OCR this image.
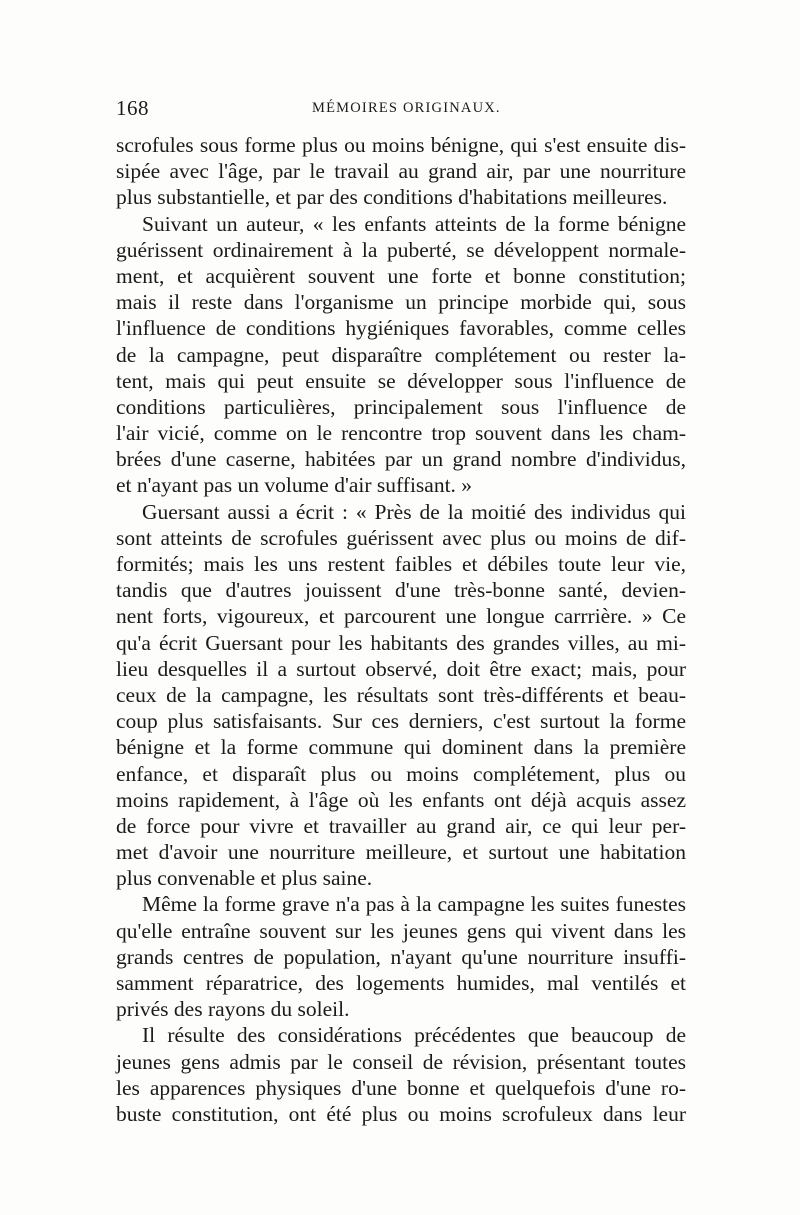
168	MÉMOIRES ORIGINAUX.
scrofules sous forme plus ou moins bénigne, qui s'est ensuite dis-
sipée avec l'âge, par le travail au grand air, par une nourriture
plus substantielle, et par des conditions d'habitations meilleures.
Suivant un auteur, « les enfants atteints de la forme bénigne
guérissent ordinairement à la puberté, se développent normale-
ment, et acquièrent souvent une forte et bonne constitution;
mais il reste dans l'organisme un principe morbide qui, sous
l'influence de conditions hygiéniques favorables, comme celles
de la campagne, peut disparaître complétement ou rester la-
tent, mais qui peut ensuite se développer sous l'influence de
conditions particulières, principalement sous l'influence de
l'air vicié, comme on le rencontre trop souvent dans les cham-
brées d'une caserne, habitées par un grand nombre d'individus,
et n'ayant pas un volume d'air suffisant. »
Guersant aussi a écrit : « Près de la moitié des individus qui
sont atteints de scrofules guérissent avec plus ou moins de dif-
formités; mais les uns restent faibles et débiles toute leur vie,
tandis que d'autres jouissent d'une très-bonne santé, devien-
nent forts, vigoureux, et parcourent une longue carrrière. » Ce
qu'a écrit Guersant pour les habitants des grandes villes, au mi-
lieu desquelles il a surtout observé, doit être exact; mais, pour
ceux de la campagne, les résultats sont très-différents et beau-
coup plus satisfaisants. Sur ces derniers, c'est surtout la forme
bénigne et la forme commune qui dominent dans la première
enfance, et disparaît plus ou moins complétement, plus ou
moins rapidement, à l'âge où les enfants ont déjà acquis assez
de force pour vivre et travailler au grand air, ce qui leur per-
met d'avoir une nourriture meilleure, et surtout une habitation
plus convenable et plus saine.
Même la forme grave n'a pas à la campagne les suites funestes
qu'elle entraîne souvent sur les jeunes gens qui vivent dans les
grands centres de population, n'ayant qu'une nourriture insuffi-
samment réparatrice, des logements humides, mal ventilés et
privés des rayons du soleil.
Il résulte des considérations précédentes que beaucoup de
jeunes gens admis par le conseil de révision, présentant toutes
les apparences physiques d'une bonne et quelquefois d'une ro-
buste constitution, ont été plus ou moins scrofuleux dans leur
